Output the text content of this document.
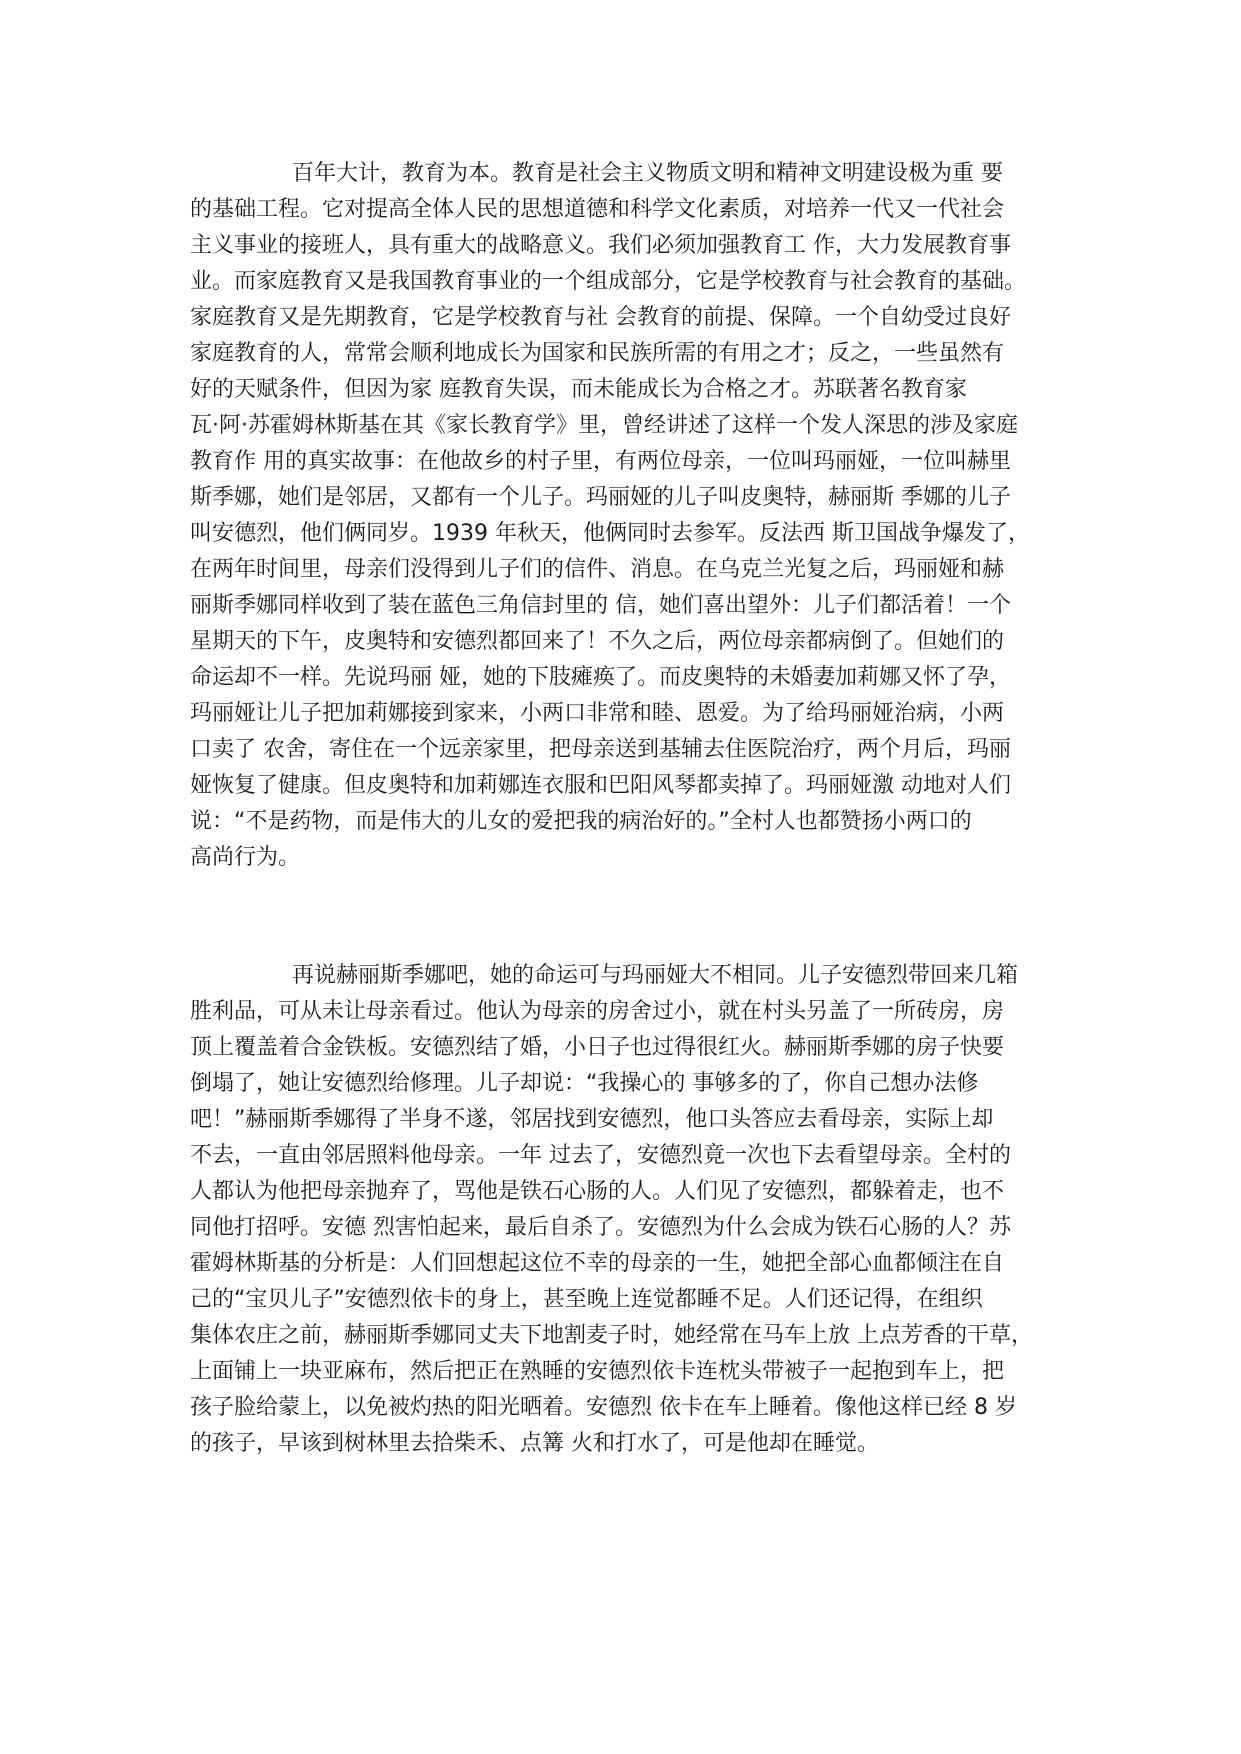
百年大计，教育为本。教育是社会主义物质文明和精神文明建设极为重 要
的基础工程。它对提高全体人民的思想道德和科学文化素质，对培养一代又一代社会
主义事业的接班人，具有重大的战略意义。我们必须加强教育工 作，大力发展教育事
业。而家庭教育又是我国教育事业的一个组成部分，它是学校教育与社会教育的基础。
家庭教育又是先期教育，它是学校教育与社 会教育的前提、保障。一个自幼受过良好
家庭教育的人，常常会顺利地成长为国家和民族所需的有用之才；反之，一些虽然有
好的天赋条件，但因为家 庭教育失误，而未能成长为合格之才。苏联著名教育家
瓦·阿·苏霍姆林斯基在其《家长教育学》里，曾经讲述了这样一个发人深思的涉及家庭
教育作 用的真实故事：在他故乡的村子里，有两位母亲，一位叫玛丽娅，一位叫赫里
斯季娜，她们是邻居，又都有一个儿子。玛丽娅的儿子叫皮奥特，赫丽斯 季娜的儿子
叫安德烈，他们俩同岁。1939 年秋天，他俩同时去参军。反法西 斯卫国战争爆发了，
在两年时间里，母亲们没得到儿子们的信件、消息。在乌克兰光复之后，玛丽娅和赫
丽斯季娜同样收到了装在蓝色三角信封里的 信，她们喜出望外：儿子们都活着！一个
星期天的下午，皮奥特和安德烈都回来了！不久之后，两位母亲都病倒了。但她们的
命运却不一样。先说玛丽 娅，她的下肢瘫痪了。而皮奥特的未婚妻加莉娜又怀了孕，
玛丽娅让儿子把加莉娜接到家来，小两口非常和睦、恩爱。为了给玛丽娅治病，小两
口卖了 农舍，寄住在一个远亲家里，把母亲送到基辅去住医院治疗，两个月后，玛丽
娅恢复了健康。但皮奥特和加莉娜连衣服和巴阳风琴都卖掉了。玛丽娅激 动地对人们
说：“不是药物，而是伟大的儿女的爱把我的病治好的。”全村人也都赞扬小两口的
高尚行为。
再说赫丽斯季娜吧，她的命运可与玛丽娅大不相同。儿子安德烈带回来几箱
胜利品，可从未让母亲看过。他认为母亲的房舍过小，就在村头另盖了一所砖房，房
顶上覆盖着合金铁板。安德烈结了婚，小日子也过得很红火。赫丽斯季娜的房子快要
倒塌了，她让安德烈给修理。儿子却说：“我操心的 事够多的了，你自己想办法修
吧！”赫丽斯季娜得了半身不遂，邻居找到安德烈，他口头答应去看母亲，实际上却
不去，一直由邻居照料他母亲。一年 过去了，安德烈竟一次也下去看望母亲。全村的
人都认为他把母亲抛弃了，骂他是铁石心肠的人。人们见了安德烈，都躲着走，也不
同他打招呼。安德 烈害怕起来，最后自杀了。安德烈为什么会成为铁石心肠的人？苏
霍姆林斯基的分析是：人们回想起这位不幸的母亲的一生，她把全部心血都倾注在自
己的“宝贝儿子”安德烈依卡的身上，甚至晚上连觉都睡不足。人们还记得，在组织
集体农庄之前，赫丽斯季娜同丈夫下地割麦子时，她经常在马车上放 上点芳香的干草，
上面铺上一块亚麻布，然后把正在熟睡的安德烈依卡连枕头带被子一起抱到车上，把
孩子脸给蒙上，以免被灼热的阳光晒着。安德烈 依卡在车上睡着。像他这样已经 8 岁
的孩子，早该到树林里去拾柴禾、点篝 火和打水了，可是他却在睡觉。
